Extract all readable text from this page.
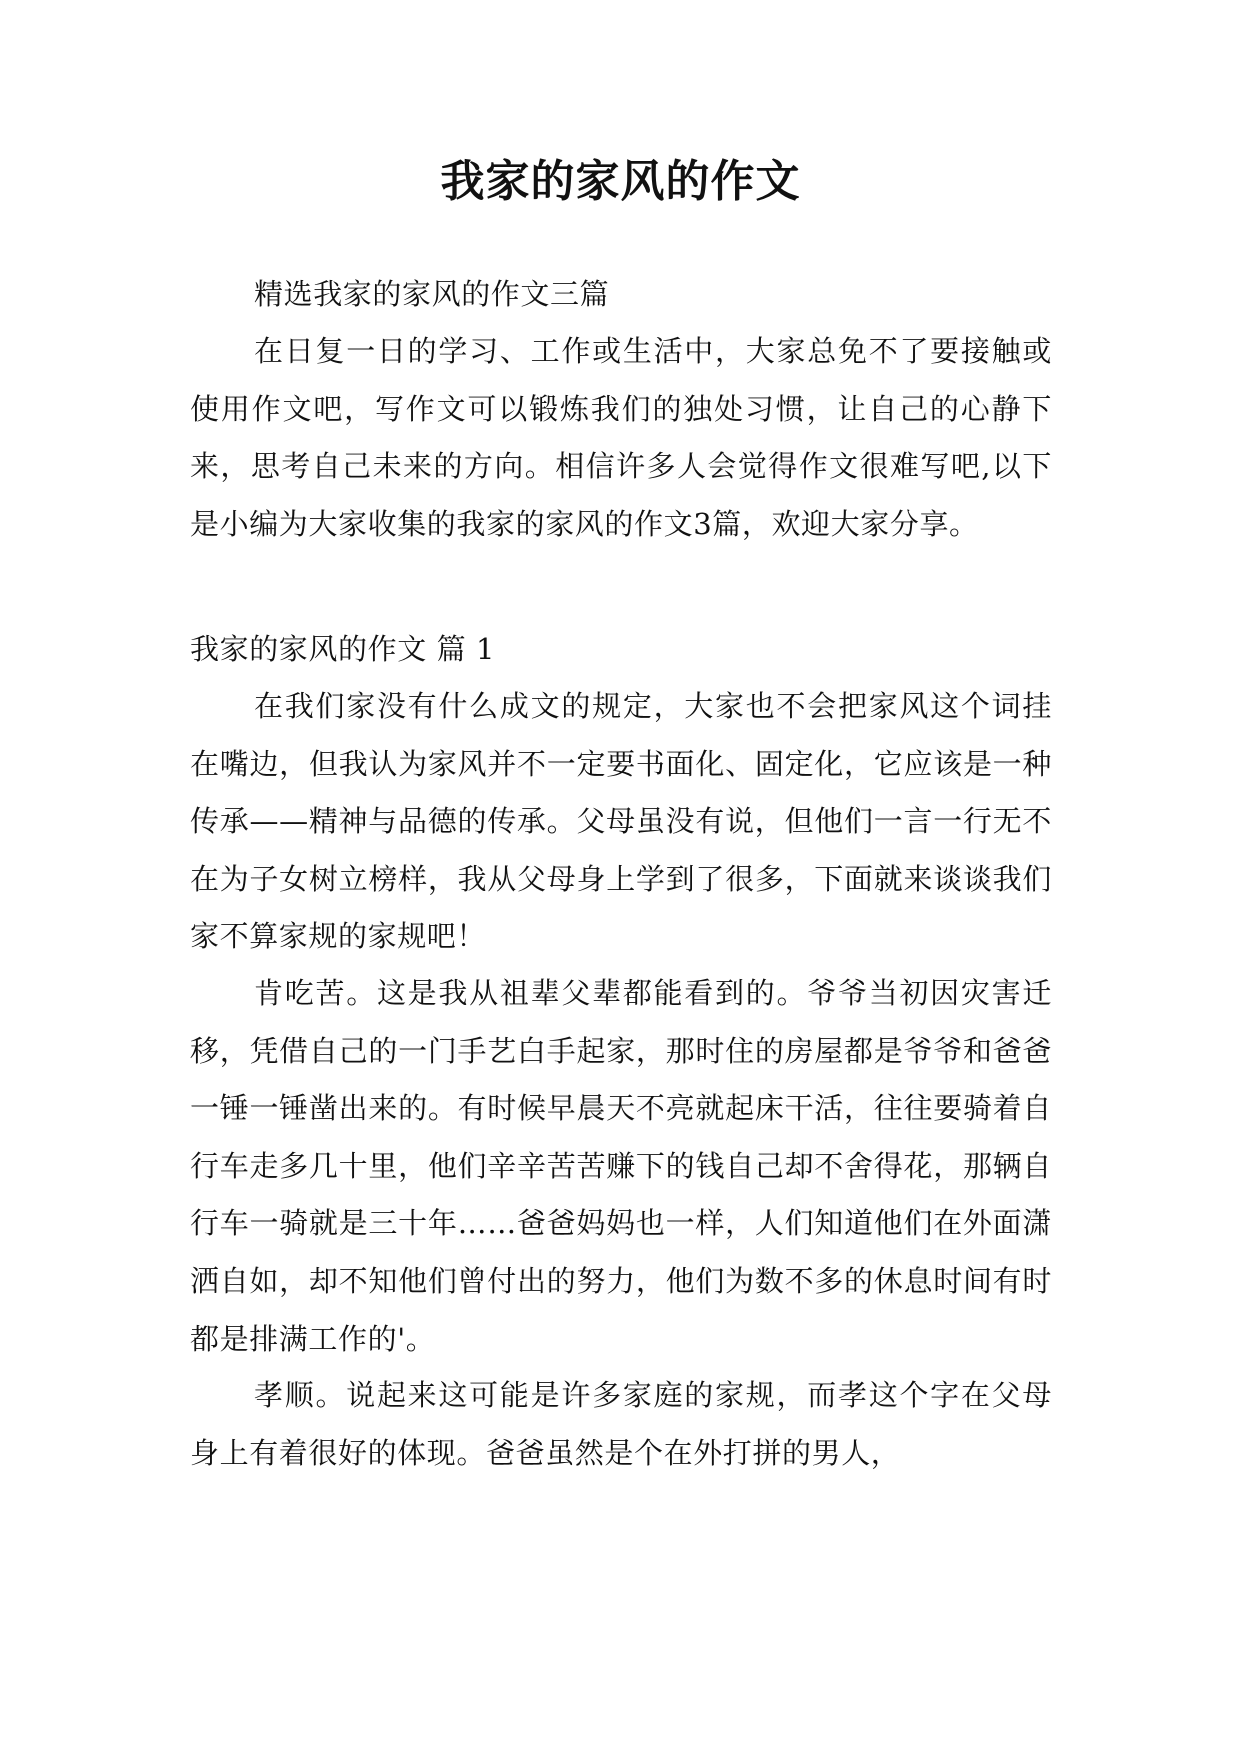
我家的家风的作文

精选我家的家风的作文三篇

在日复一日的学习、工作或生活中，大家总免不了要接触或使用作文吧，写作文可以锻炼我们的独处习惯，让自己的心静下来，思考自己未来的方向。相信许多人会觉得作文很难写吧,以下是小编为大家收集的我家的家风的作文3篇，欢迎大家分享。

我家的家风的作文 篇 1

在我们家没有什么成文的规定，大家也不会把家风这个词挂在嘴边，但我认为家风并不一定要书面化、固定化，它应该是一种传承——精神与品德的传承。父母虽没有说，但他们一言一行无不在为子女树立榜样，我从父母身上学到了很多，下面就来谈谈我们家不算家规的家规吧！

肯吃苦。这是我从祖辈父辈都能看到的。爷爷当初因灾害迁移，凭借自己的一门手艺白手起家，那时住的房屋都是爷爷和爸爸一锤一锤凿出来的。有时候早晨天不亮就起床干活，往往要骑着自行车走多几十里，他们辛辛苦苦赚下的钱自己却不舍得花，那辆自行车一骑就是三十年……爸爸妈妈也一样，人们知道他们在外面潇洒自如，却不知他们曾付出的努力，他们为数不多的休息时间有时都是排满工作的'。

孝顺。说起来这可能是许多家庭的家规，而孝这个字在父母身上有着很好的体现。爸爸虽然是个在外打拼的男人，
